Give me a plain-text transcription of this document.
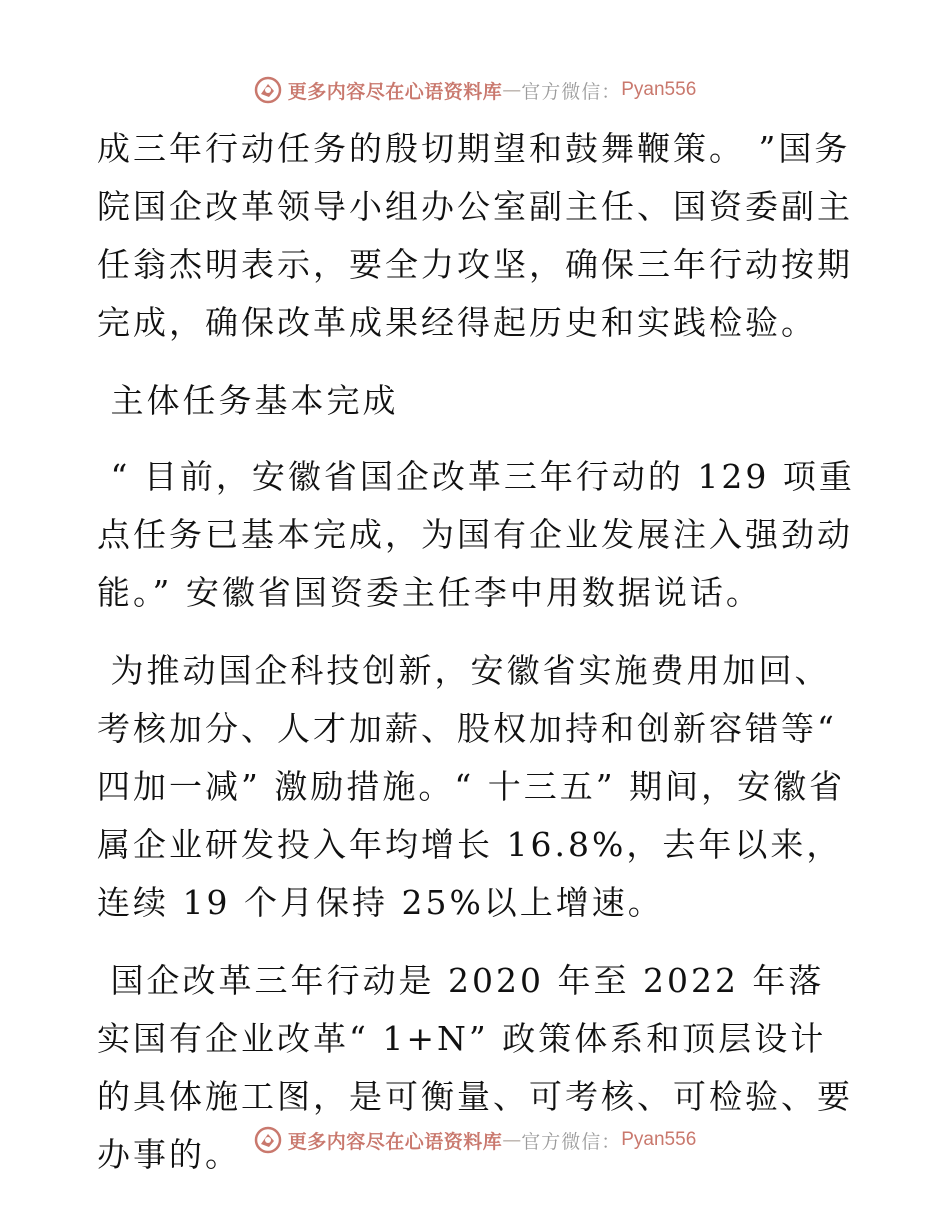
更多内容尽在心语资料库 — 官方微信： Pyan556

成三年行动任务的殷切期望和鼓舞鞭策。 ”国务院国企改革领导小组办公室副主任、国资委副主任翁杰明表示，要全力攻坚，确保三年行动按期完成，确保改革成果经得起历史和实践检验。

主体任务基本完成

“ 目前，安徽省国企改革三年行动的 129 项重点任务已基本完成，为国有企业发展注入强劲动能。” 安徽省国资委主任李中用数据说话。

为推动国企科技创新，安徽省实施费用加回、考核加分、人才加薪、股权加持和创新容错等“ 四加一减” 激励措施。“ 十三五” 期间，安徽省属企业研发投入年均增长 16.8%，去年以来，连续 19 个月保持 25%以上增速。

国企改革三年行动是 2020 年至 2022 年落实国有企业改革“ 1+N” 政策体系和顶层设计的具体施工图，是可衡量、可考核、可检验、要办事的。	更多内容尽在心语资料库 — 官方微信： Pyan556
